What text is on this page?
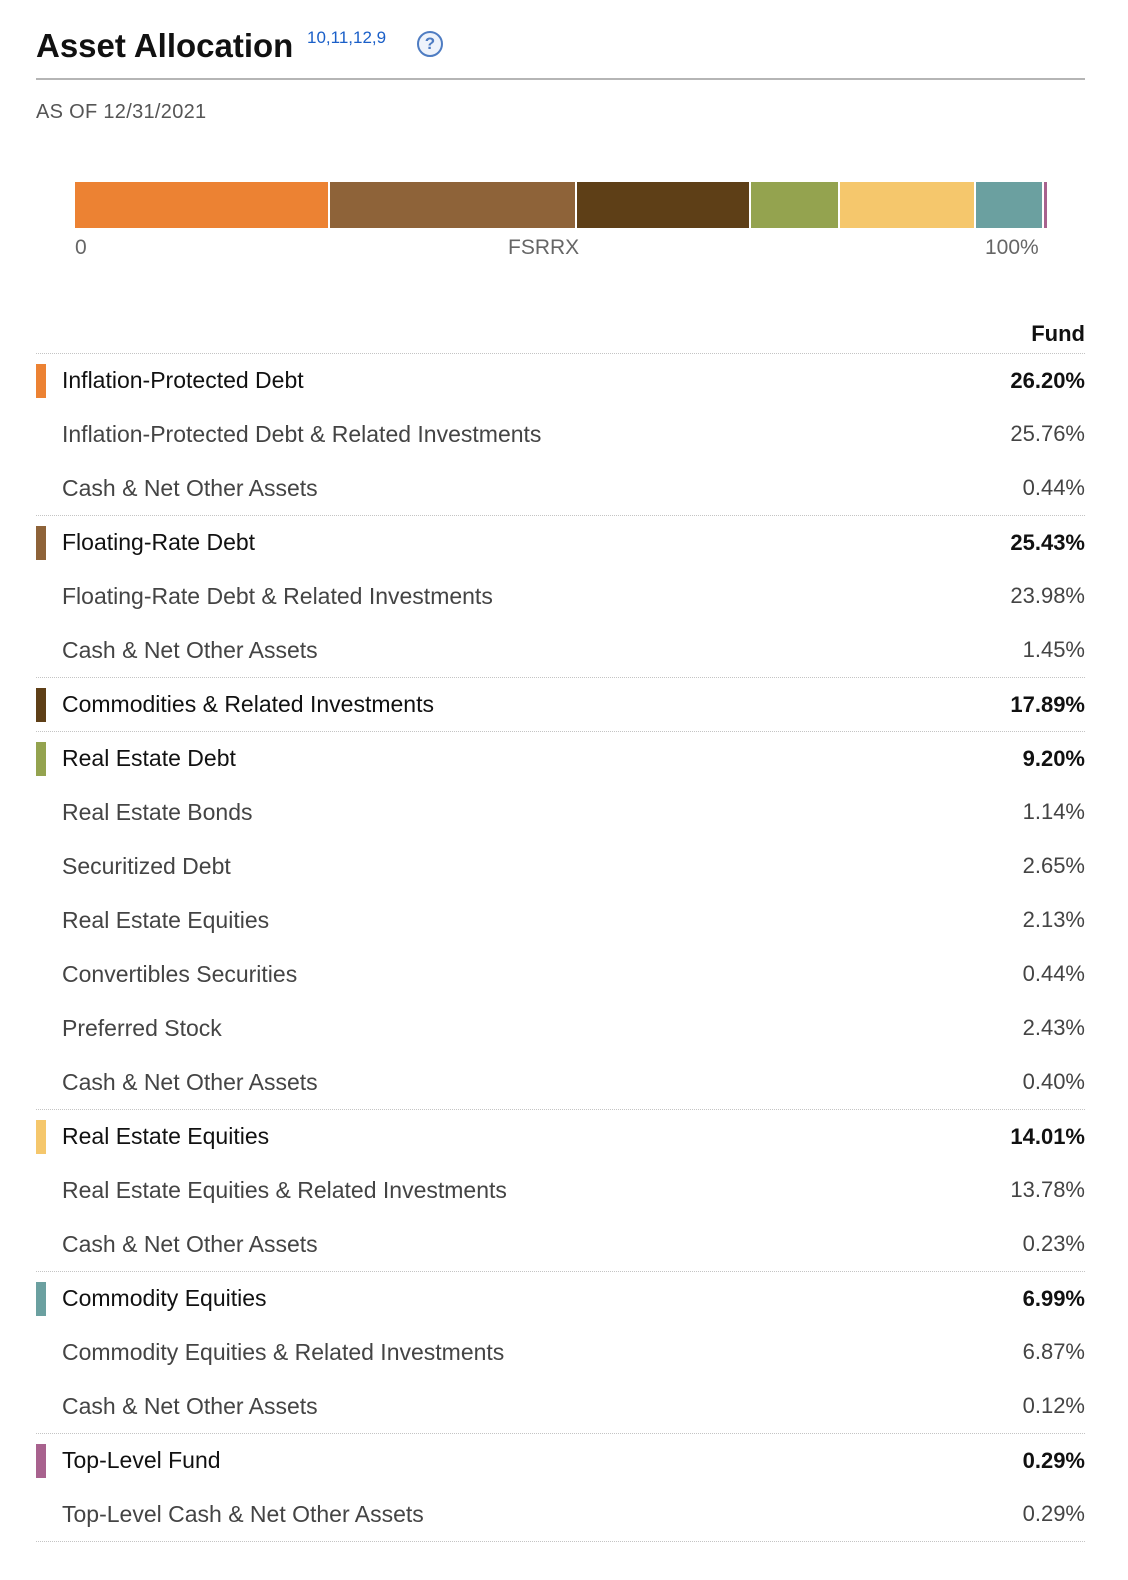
Asset Allocation 10,11,12,9	?
AS OF 12/31/2021
0	FSRRX	100%
Fund
Inflation-Protected Debt	26.20%
Inflation-Protected Debt & Related Investments	25.76%
Cash & Net Other Assets	0.44%
Floating-Rate Debt	25.43%
Floating-Rate Debt & Related Investments	23.98%
Cash & Net Other Assets	1.45%
Commodities & Related Investments	17.89%
Real Estate Debt	9.20%
Real Estate Bonds	1.14%
Securitized Debt	2.65%
Real Estate Equities	2.13%
Convertibles Securities	0.44%
Preferred Stock	2.43%
Cash & Net Other Assets	0.40%
Real Estate Equities	14.01%
Real Estate Equities & Related Investments	13.78%
Cash & Net Other Assets	0.23%
Commodity Equities	6.99%
Commodity Equities & Related Investments	6.87%
Cash & Net Other Assets	0.12%
Top-Level Fund	0.29%
Top-Level Cash & Net Other Assets	0.29%
